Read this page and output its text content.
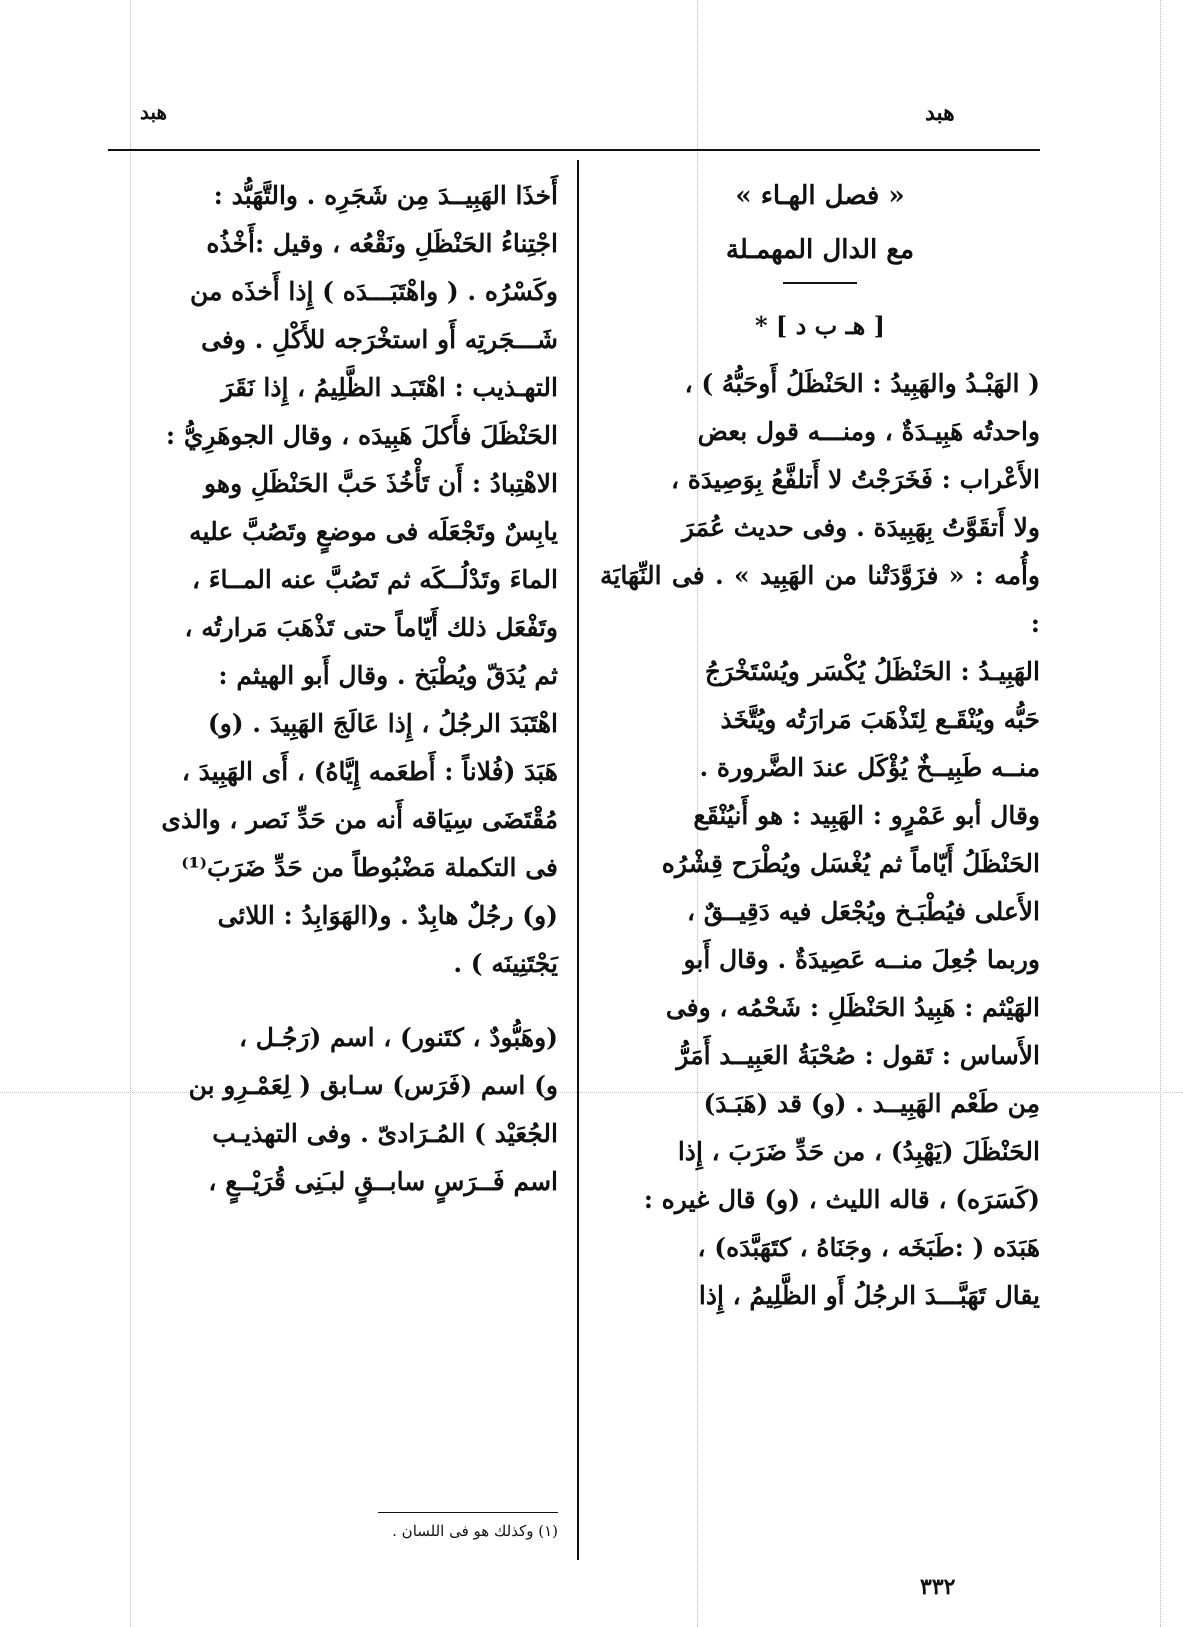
هبد
هبد

« فصل الهـاء »

مع الدال المهمـلة

[ هـ ب د ] *

( الهَبْـدُ والهَبِيدُ : الحَنْظَلُ أَوحَبُّهُ ) ،

واحدتُه هَبِيـدَةٌ ، ومنـــه قول بعض

الأَعْراب : فَخَرَجْتُ لا أَتلفَّعُ بِوَصِيدَة ،

ولا أَتقَوَّتُ بِهَبِيدَة . وفى حديث عُمَرَ

وأُمه : « فزَوَّدَتْنا من الهَبِيد » . فى النِّهَايَة :

الهَبِيـدُ : الحَنْظَلُ يُكْسَر ويُسْتَخْرَجُ

حَبُّه ويُنْقَـع لِتَذْهَبَ مَرارَتُه ويُتَّخَذ

منــه طَبِيــخٌ يُؤْكَل عندَ الضَّرورة .

وقال أبو عَمْرٍو : الهَبِيد : هو أَنيُنْقَع

الحَنْظَلُ أَيّاماً ثم يُغْسَل ويُطْرَح قِشْرُه

الأَعلى فيُطْبَـخ ويُجْعَل فيه دَقِيــقٌ ،

وربما جُعِلَ منــه عَصِيدَةٌ . وقال أَبو

الهَيْثم : هَبِيدُ الحَنْظَلِ : شَحْمُه ، وفى

الأَساس : تَقول : صُحْبَةُ العَبِيــد أَمَرُّ

مِن طَعْم الهَبِيــد . (و) قد (هَبَـدَ)

الحَنْظَلَ (يَهْبِدُ) ، من حَدِّ ضَرَبَ ، إِذا

(كَسَرَه) ، قاله الليث ، (و) قال غيره :

هَبَدَه ( :طَبَخَه ، وجَنَاهُ ، كتَهَبَّدَه) ،

يقال تَهَبَّـــدَ الرجُلُ أَو الظَّلِيمُ ، إِذا

أَخذَا الهَبِيــدَ مِن شَجَرِه . والتَّهَبُّد :

اجْتِناءُ الحَنْظَلِ ونَقْعُه ، وقيل :أَخْذُه

وكَسْرُه . ( واهْتَبَـــدَه ) إِذا أَخذَه من

شَـــجَرتِه أَو استخْرَجه للأَكْلِ . وفى

التهـذيب : اهْتَبَـد الظَّلِيمُ ، إِذا نَقَرَ

الحَنْظَلَ فأَكلَ هَبِيدَه ، وقال الجوهَرِيُّ :

الاهْتِبادُ : أَن تَأْخُذَ حَبَّ الحَنْظَلِ وهو

يابِسٌ وتَجْعَلَه فى موضعٍ وتَصُبَّ عليه

الماءَ وتَدْلُــكَه ثم تَصُبَّ عنه المــاءَ ،

وتَفْعَل ذلك أَيّاماً حتى تَذْهَبَ مَرارتُه ،

ثم يُدَقّ ويُطْبَخ . وقال أَبو الهيثم :

اهْتَبَدَ الرجُلُ ، إِذا عَالَجَ الهَبِيدَ . (و)

هَبَدَ (فُلاناً : أَطعَمه إِيَّاهُ) ، أَى الهَبِيدَ ،

مُقْتَضَى سِيَاقه أَنه من حَدِّ نَصر ، والذى

فى التكملة مَضْبُوطاً من حَدِّ ضَرَبَ⁽¹⁾

(و) رجُلٌ هابِدٌ . و(الهَوَابِدُ : اللائى

يَجْتَنِينَه ) .

(وهَبُّودٌ ، كتَنور) ، اسم (رَجُـل ،

و) اسم (فَرَس) سـابق ( لِعَمْـرِو بن

الجُعَيْد ) المُـرَادىّ . وفى التهذيـب

اسم فَــرَسٍ سابــقٍ لبـَنِى قُرَيْــعٍ ،

(١) وكذلك هو فى اللسان .
٣٣٢
